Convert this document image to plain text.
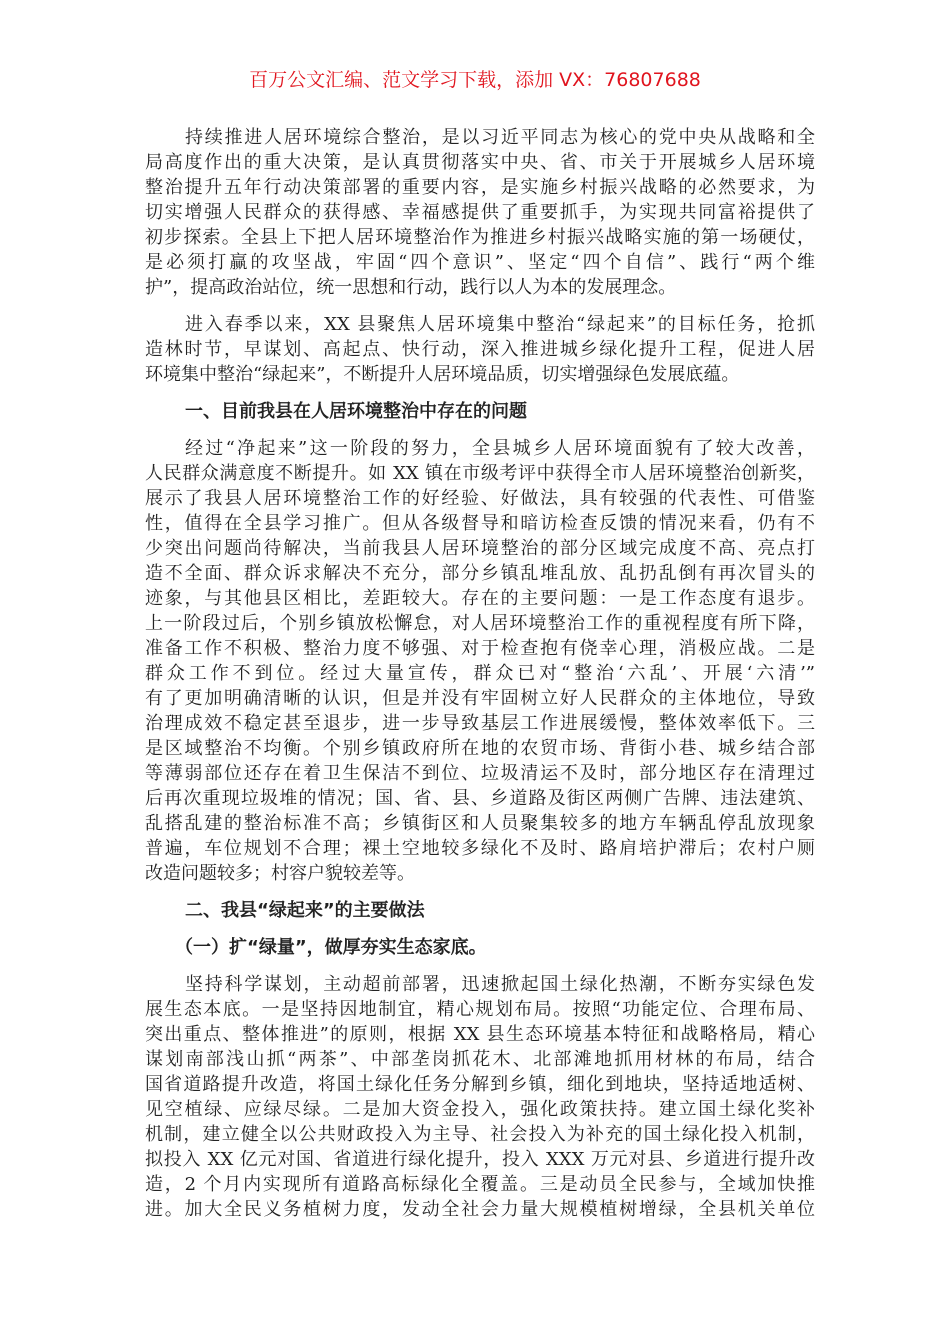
百万公文汇编、范文学习下载，添加 VX：76807688
持续推进人居环境综合整治，是以习近平同志为核心的党中央从战略和全
局高度作出的重大决策，是认真贯彻落实中央、省、市关于开展城乡人居环境
整治提升五年行动决策部署的重要内容，是实施乡村振兴战略的必然要求，为
切实增强人民群众的获得感、幸福感提供了重要抓手，为实现共同富裕提供了
初步探索。全县上下把人居环境整治作为推进乡村振兴战略实施的第一场硬仗，
是必须打赢的攻坚战，牢固“四个意识”、坚定“四个自信”、践行“两个维
护”，提高政治站位，统一思想和行动，践行以人为本的发展理念。
进入春季以来，XX 县聚焦人居环境集中整治“绿起来”的目标任务，抢抓
造林时节，早谋划、高起点、快行动，深入推进城乡绿化提升工程，促进人居
环境集中整治“绿起来”，不断提升人居环境品质，切实增强绿色发展底蕴。
一、目前我县在人居环境整治中存在的问题
经过“净起来”这一阶段的努力，全县城乡人居环境面貌有了较大改善，
人民群众满意度不断提升。如 XX 镇在市级考评中获得全市人居环境整治创新奖，
展示了我县人居环境整治工作的好经验、好做法，具有较强的代表性、可借鉴
性，值得在全县学习推广。但从各级督导和暗访检查反馈的情况来看，仍有不
少突出问题尚待解决，当前我县人居环境整治的部分区域完成度不高、亮点打
造不全面、群众诉求解决不充分，部分乡镇乱堆乱放、乱扔乱倒有再次冒头的
迹象，与其他县区相比，差距较大。存在的主要问题：一是工作态度有退步。
上一阶段过后，个别乡镇放松懈怠，对人居环境整治工作的重视程度有所下降，
准备工作不积极、整治力度不够强、对于检查抱有侥幸心理，消极应战。二是
群众工作不到位。经过大量宣传，群众已对“整治‘六乱’、开展‘六清’”
有了更加明确清晰的认识，但是并没有牢固树立好人民群众的主体地位，导致
治理成效不稳定甚至退步，进一步导致基层工作进展缓慢，整体效率低下。三
是区域整治不均衡。个别乡镇政府所在地的农贸市场、背街小巷、城乡结合部
等薄弱部位还存在着卫生保洁不到位、垃圾清运不及时，部分地区存在清理过
后再次重现垃圾堆的情况；国、省、县、乡道路及街区两侧广告牌、违法建筑、
乱搭乱建的整治标准不高；乡镇街区和人员聚集较多的地方车辆乱停乱放现象
普遍，车位规划不合理；裸土空地较多绿化不及时、路肩培护滞后；农村户厕
改造问题较多；村容户貌较差等。
二、我县“绿起来”的主要做法
（一）扩“绿量”，做厚夯实生态家底。
坚持科学谋划，主动超前部署，迅速掀起国土绿化热潮，不断夯实绿色发
展生态本底。一是坚持因地制宜，精心规划布局。按照“功能定位、合理布局、
突出重点、整体推进”的原则，根据 XX 县生态环境基本特征和战略格局，精心
谋划南部浅山抓“两茶”、中部垄岗抓花木、北部滩地抓用材林的布局，结合
国省道路提升改造，将国土绿化任务分解到乡镇，细化到地块，坚持适地适树、
见空植绿、应绿尽绿。二是加大资金投入，强化政策扶持。建立国土绿化奖补
机制，建立健全以公共财政投入为主导、社会投入为补充的国土绿化投入机制，
拟投入 XX 亿元对国、省道进行绿化提升，投入 XXX 万元对县、乡道进行提升改
造，2 个月内实现所有道路高标绿化全覆盖。三是动员全民参与，全域加快推
进。加大全民义务植树力度，发动全社会力量大规模植树增绿，全县机关单位
